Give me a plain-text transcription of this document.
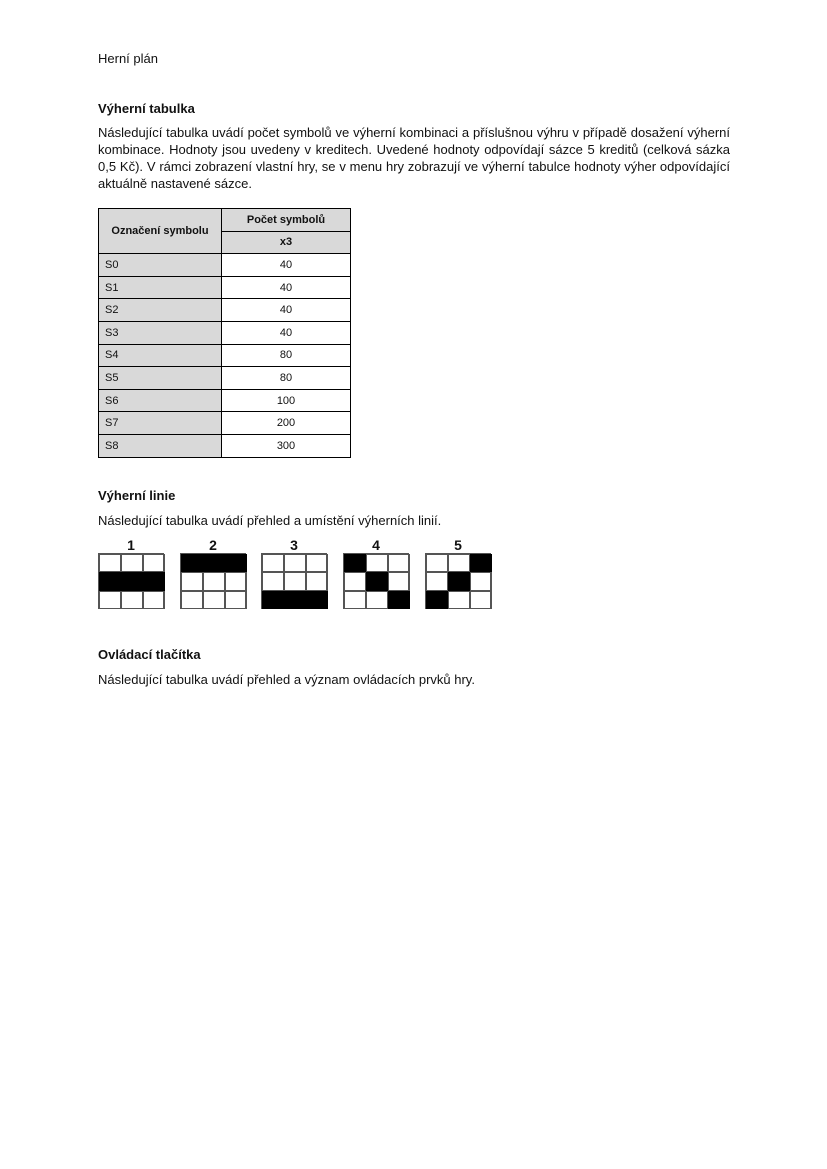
Herní plán
Výherní tabulka
Následující tabulka uvádí počet symbolů ve výherní kombinaci a příslušnou výhru v případě dosažení výherní kombinace. Hodnoty jsou uvedeny v kreditech. Uvedené hodnoty odpovídají sázce 5 kreditů (celková sázka 0,5 Kč). V rámci zobrazení vlastní hry, se v menu hry zobrazují ve výherní tabulce hodnoty výher odpovídající aktuálně nastavené sázce.
Označení symbolu	Počet symbolů
	x3
S0	40
S1	40
S2	40
S3	40
S4	80
S5	80
S6	100
S7	200
S8	300
Výherní linie
Následující tabulka uvádí přehled a umístění výherních linií.
1	2	3	4	5
Ovládací tlačítka
Následující tabulka uvádí přehled a význam ovládacích prvků hry.
